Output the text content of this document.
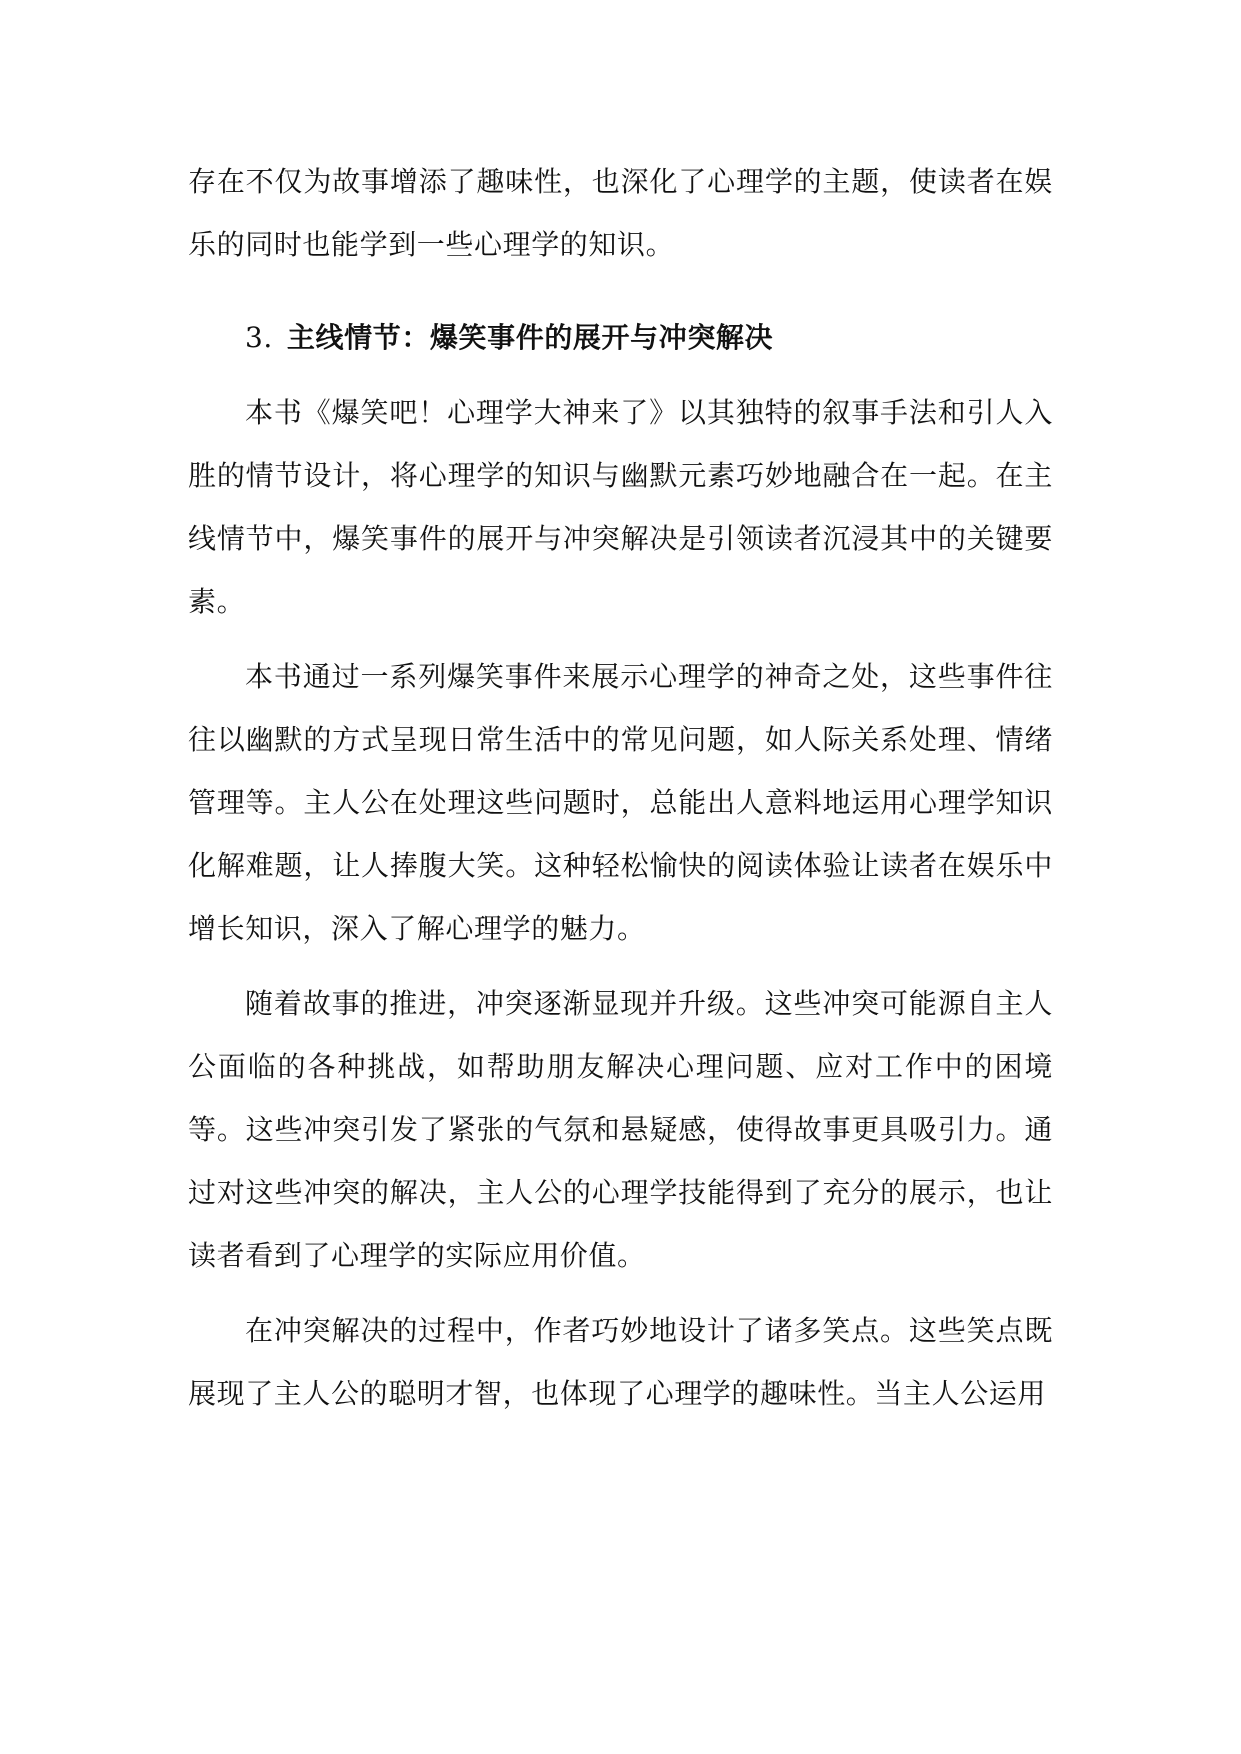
存在不仅为故事增添了趣味性，也深化了心理学的主题，使读者在娱乐的同时也能学到一些心理学的知识。

3. 主线情节：爆笑事件的展开与冲突解决

本书《爆笑吧！心理学大神来了》以其独特的叙事手法和引人入胜的情节设计，将心理学的知识与幽默元素巧妙地融合在一起。在主线情节中，爆笑事件的展开与冲突解决是引领读者沉浸其中的关键要素。

本书通过一系列爆笑事件来展示心理学的神奇之处，这些事件往往以幽默的方式呈现日常生活中的常见问题，如人际关系处理、情绪管理等。主人公在处理这些问题时，总能出人意料地运用心理学知识化解难题，让人捧腹大笑。这种轻松愉快的阅读体验让读者在娱乐中增长知识，深入了解心理学的魅力。

随着故事的推进，冲突逐渐显现并升级。这些冲突可能源自主人公面临的各种挑战，如帮助朋友解决心理问题、应对工作中的困境等。这些冲突引发了紧张的气氛和悬疑感，使得故事更具吸引力。通过对这些冲突的解决，主人公的心理学技能得到了充分的展示，也让读者看到了心理学的实际应用价值。

在冲突解决的过程中，作者巧妙地设计了诸多笑点。这些笑点既展现了主人公的聪明才智，也体现了心理学的趣味性。当主人公运用
